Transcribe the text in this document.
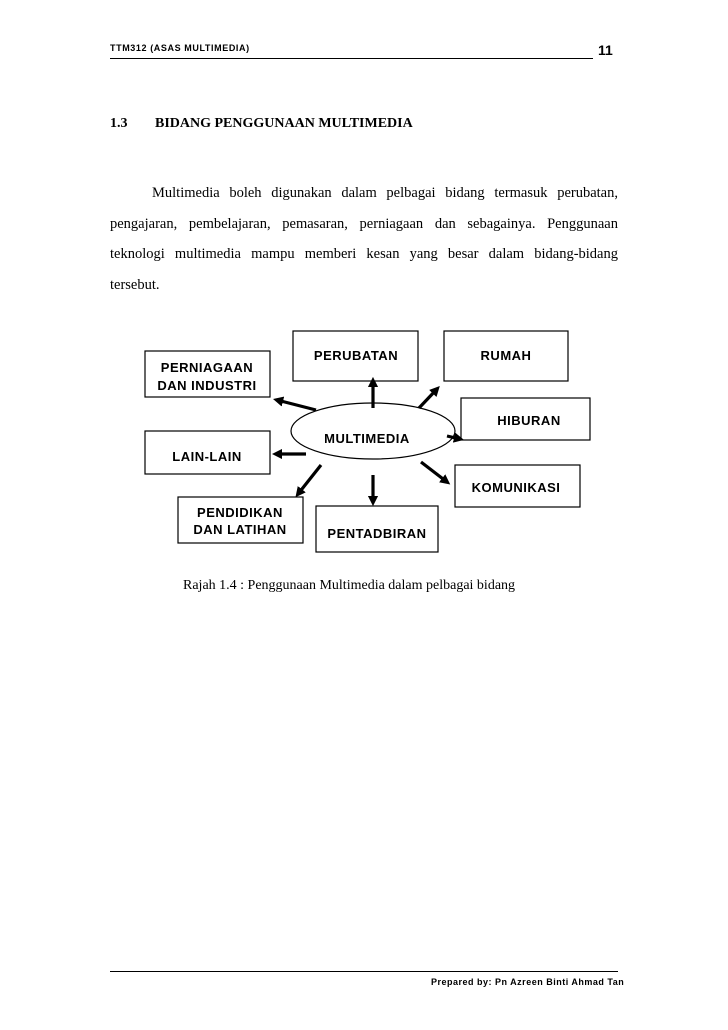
TTM312 (ASAS MULTIMEDIA)	11
1.3 BIDANG PENGGUNAAN MULTIMEDIA

Multimedia boleh digunakan dalam pelbagai bidang termasuk perubatan, pengajaran, pembelajaran, pemasaran, perniagaan dan sebagainya. Penggunaan teknologi multimedia mampu memberi kesan yang besar dalam bidang-bidang tersebut.

PERUBATAN	RUMAH
PERNIAGAAN
DAN INDUSTRI
HIBURAN
MULTIMEDIA
LAIN-LAIN
KOMUNIKASI
PENDIDIKAN
DAN LATIHAN	PENTADBIRAN
Rajah 1.4 : Penggunaan Multimedia dalam pelbagai bidang
Prepared by: Pn Azreen Binti Ahmad Tan
